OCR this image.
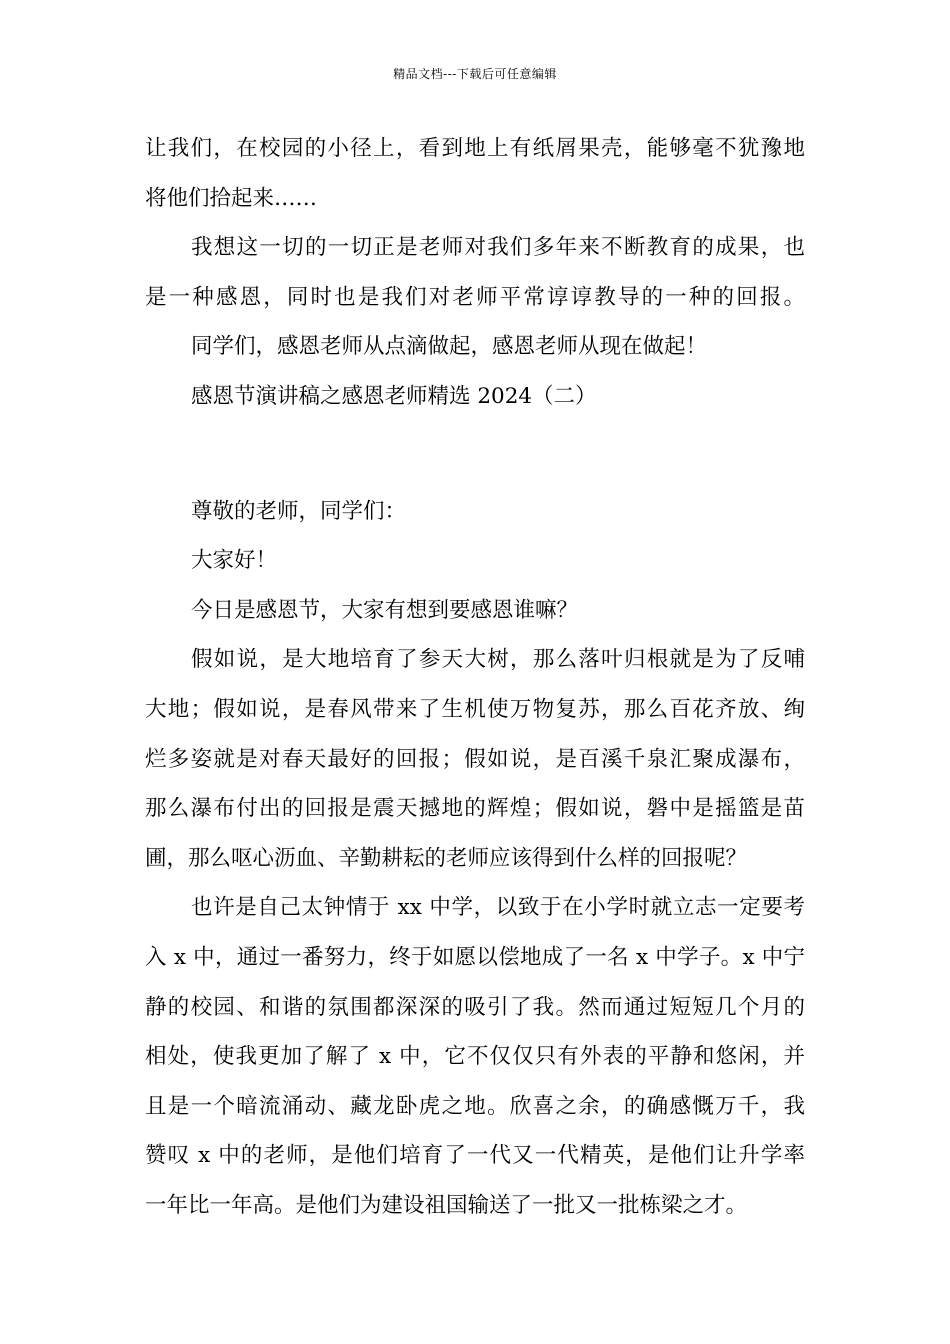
精品文档---下载后可任意编辑
让我们，在校园的小径上，看到地上有纸屑果壳，能够毫不犹豫地
将他们拾起来……
我想这一切的一切正是老师对我们多年来不断教育的成果，也
是一种感恩，同时也是我们对老师平常谆谆教导的一种的回报。
同学们，感恩老师从点滴做起，感恩老师从现在做起！
感恩节演讲稿之感恩老师精选 2024（二）
尊敬的老师，同学们：
大家好！
今日是感恩节，大家有想到要感恩谁嘛？
假如说，是大地培育了参天大树，那么落叶归根就是为了反哺
大地；假如说，是春风带来了生机使万物复苏，那么百花齐放、绚
烂多姿就是对春天最好的回报；假如说，是百溪千泉汇聚成瀑布，
那么瀑布付出的回报是震天撼地的辉煌；假如说，磐中是摇篮是苗
圃，那么呕心沥血、辛勤耕耘的老师应该得到什么样的回报呢？
也许是自己太钟情于 xx 中学，以致于在小学时就立志一定要考
入 x 中，通过一番努力，终于如愿以偿地成了一名 x 中学子。x 中宁
静的校园、和谐的氛围都深深的吸引了我。然而通过短短几个月的
相处，使我更加了解了 x 中，它不仅仅只有外表的平静和悠闲，并
且是一个暗流涌动、藏龙卧虎之地。欣喜之余，的确感慨万千，我
赞叹 x 中的老师，是他们培育了一代又一代精英，是他们让升学率
一年比一年高。是他们为建设祖国输送了一批又一批栋梁之才。
